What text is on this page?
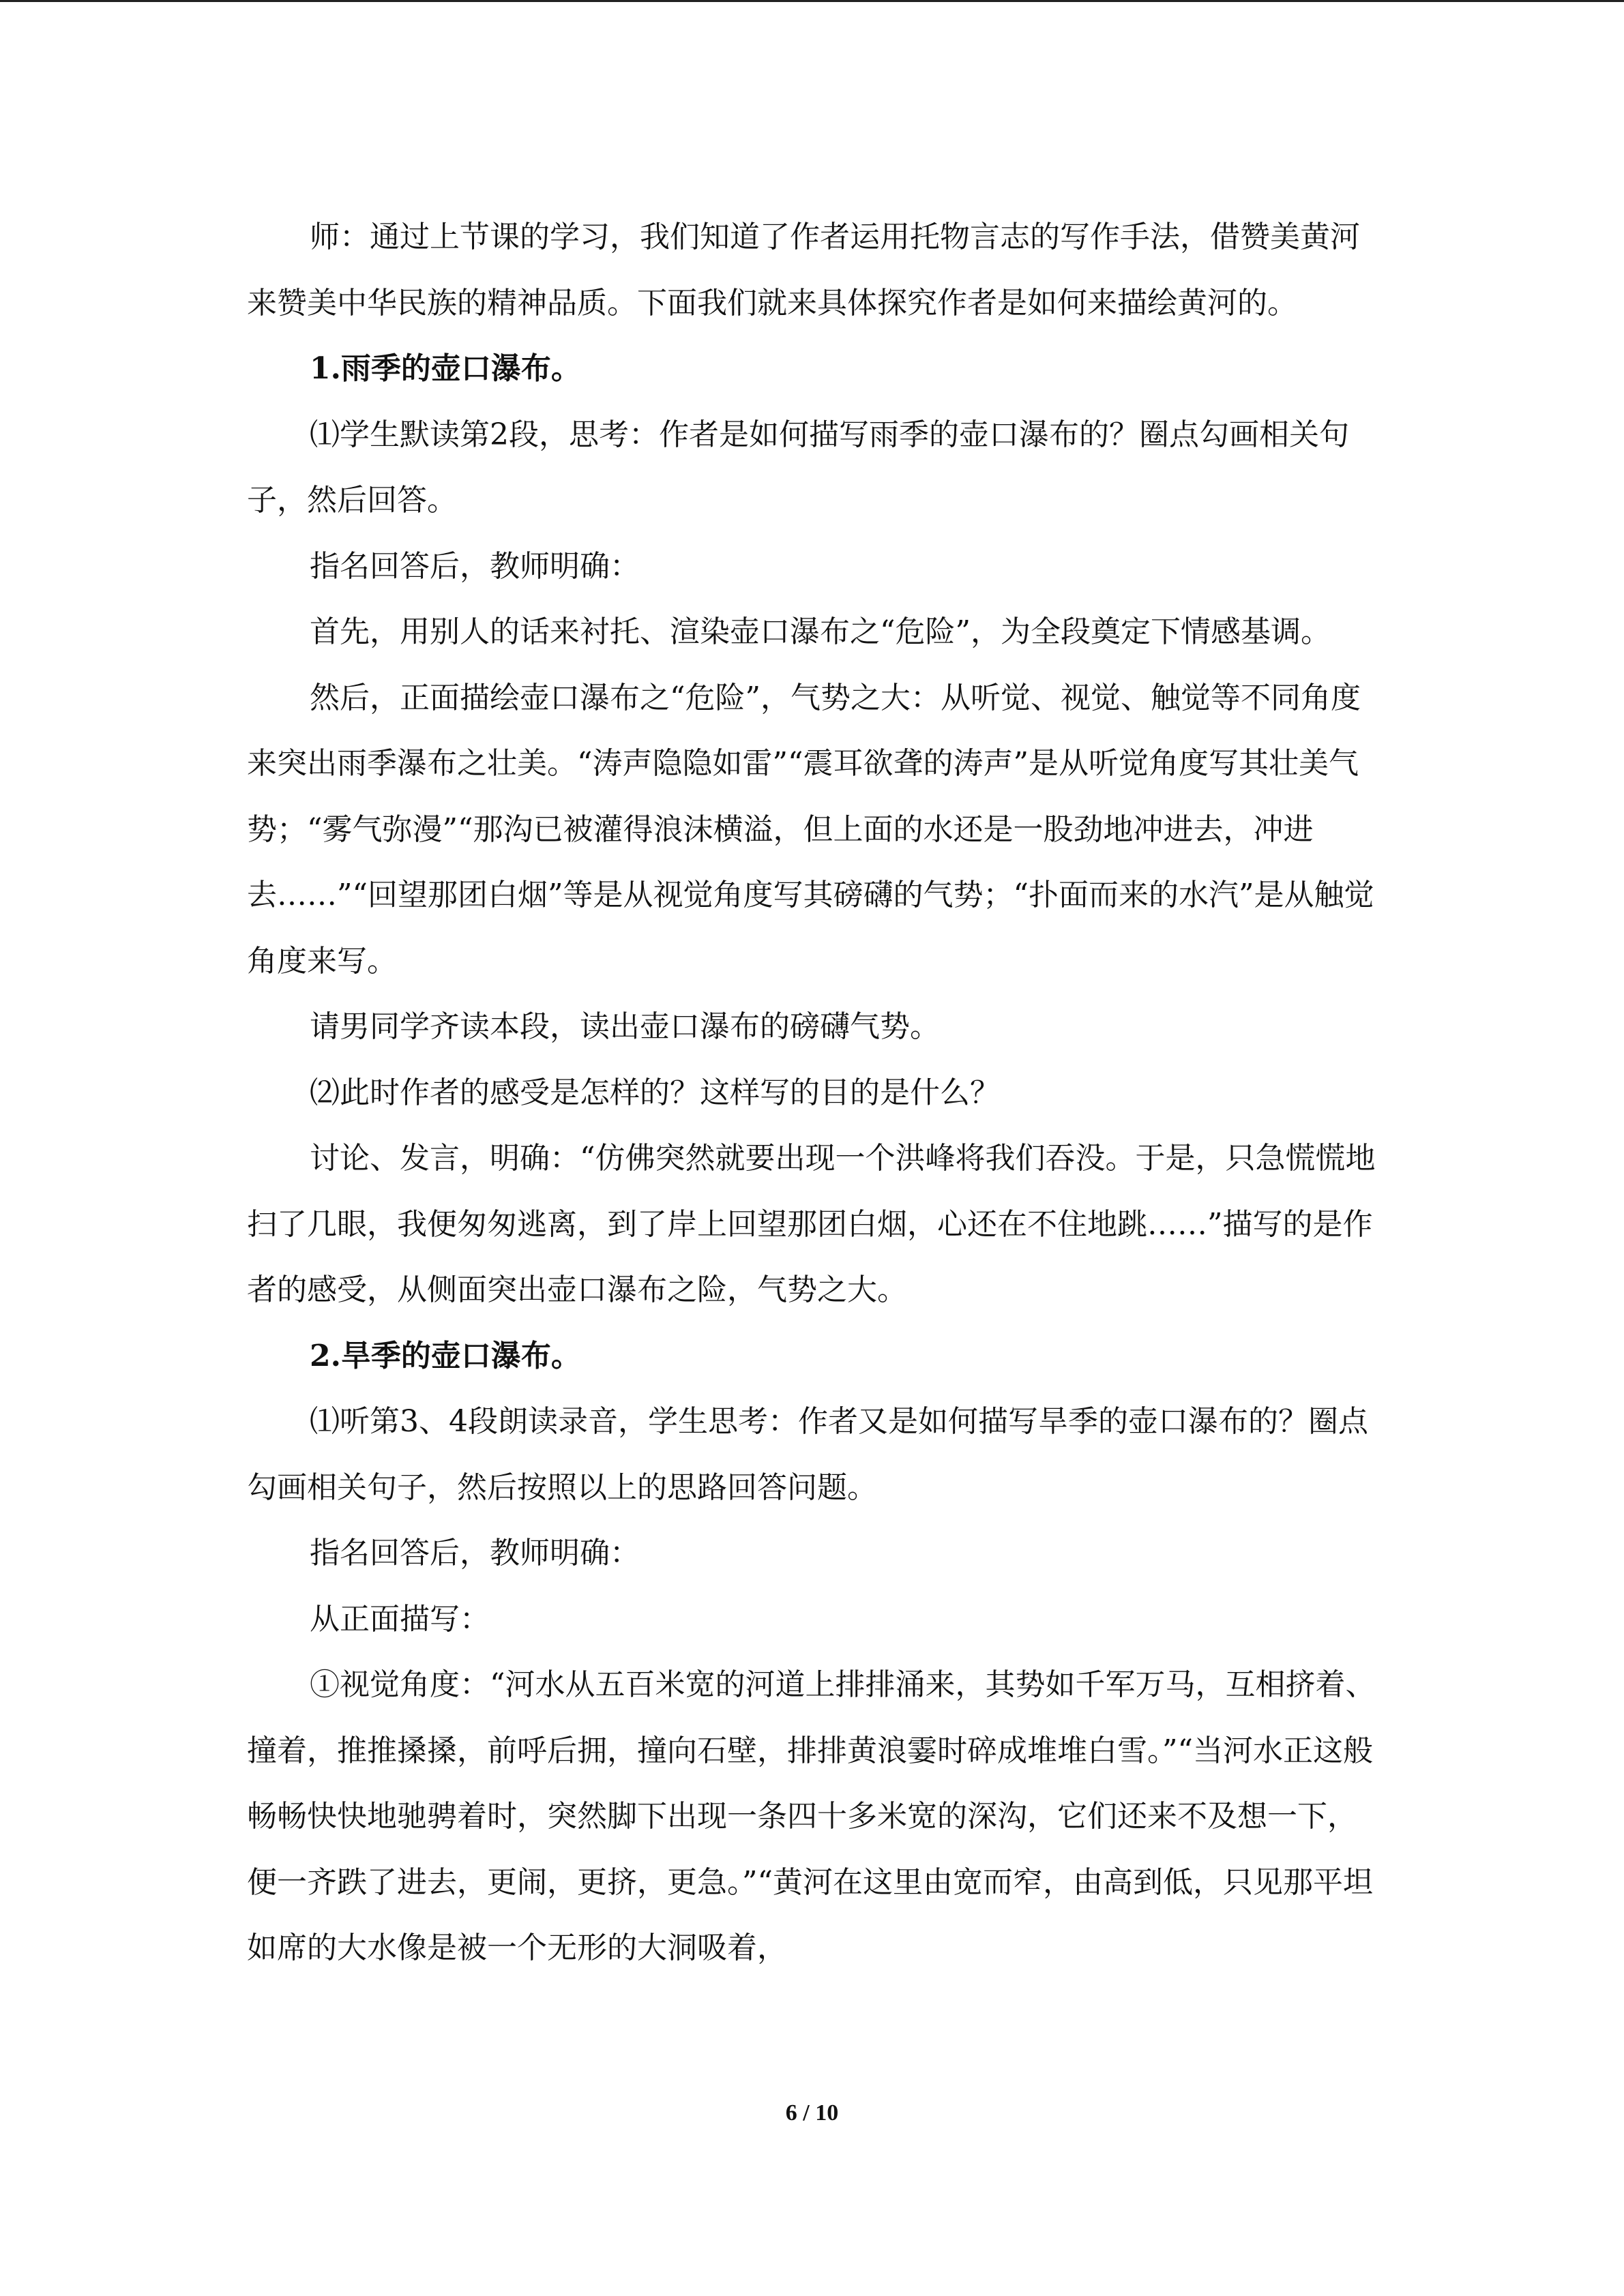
师：通过上节课的学习，我们知道了作者运用托物言志的写作手法，借赞美黄河来赞美中华民族的精神品质。下面我们就来具体探究作者是如何来描绘黄河的。

1.雨季的壶口瀑布。

⑴学生默读第2段，思考：作者是如何描写雨季的壶口瀑布的？圈点勾画相关句子，然后回答。

指名回答后，教师明确：

首先，用别人的话来衬托、渲染壶口瀑布之“危险”，为全段奠定下情感基调。

然后，正面描绘壶口瀑布之“危险”，气势之大：从听觉、视觉、触觉等不同角度来突出雨季瀑布之壮美。“涛声隐隐如雷”“震耳欲聋的涛声”是从听觉角度写其壮美气势；“雾气弥漫”“那沟已被灌得浪沫横溢，但上面的水还是一股劲地冲进去，冲进去……”“回望那团白烟”等是从视觉角度写其磅礴的气势；“扑面而来的水汽”是从触觉角度来写。

请男同学齐读本段，读出壶口瀑布的磅礴气势。

⑵此时作者的感受是怎样的？这样写的目的是什么？

讨论、发言，明确：“仿佛突然就要出现一个洪峰将我们吞没。于是，只急慌慌地扫了几眼，我便匆匆逃离，到了岸上回望那团白烟，心还在不住地跳……”描写的是作者的感受，从侧面突出壶口瀑布之险，气势之大。

2.旱季的壶口瀑布。

⑴听第3、4段朗读录音，学生思考：作者又是如何描写旱季的壶口瀑布的？圈点勾画相关句子，然后按照以上的思路回答问题。

指名回答后，教师明确：

从正面描写：

①视觉角度：“河水从五百米宽的河道上排排涌来，其势如千军万马，互相挤着、撞着，推推搡搡，前呼后拥，撞向石壁，排排黄浪霎时碎成堆堆白雪。”“当河水正这般畅畅快快地驰骋着时，突然脚下出现一条四十多米宽的深沟，它们还来不及想一下，便一齐跌了进去，更闹，更挤，更急。”“黄河在这里由宽而窄，由高到低，只见那平坦如席的大水像是被一个无形的大洞吸着，

6 / 10
